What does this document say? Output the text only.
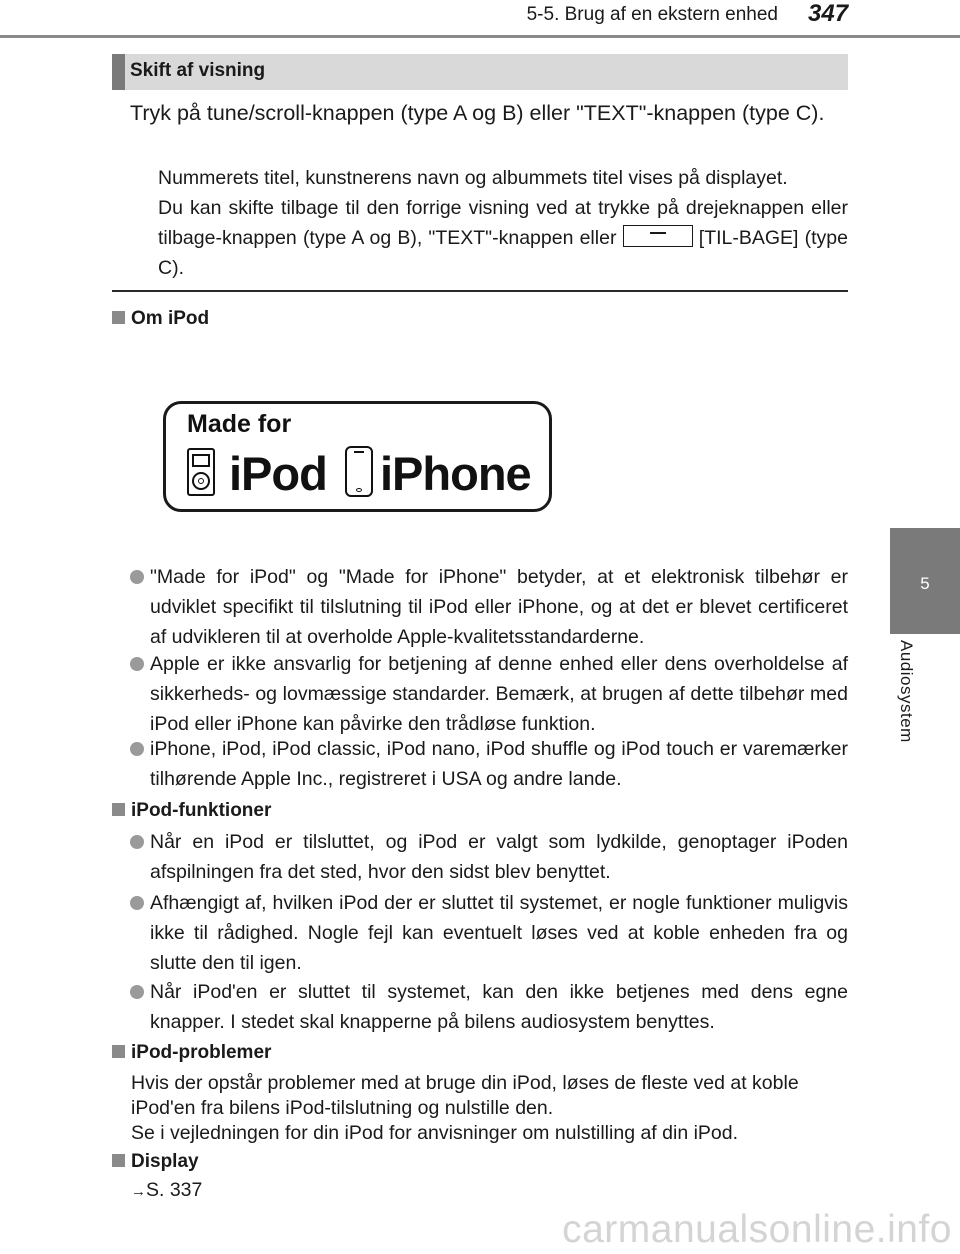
5-5. Brug af en ekstern enhed 347
5
Audiosystem
Skift af visning
Tryk på tune/scroll-knappen (type A og B) eller "TEXT"-knappen (type C).
Nummerets titel, kunstnerens navn og albummets titel vises på displayet.
Du kan skifte tilbage til den forrige visning ved at trykke på drejeknappen eller tilbage-knappen (type A og B), "TEXT"-knappen eller	[TIL-BAGE] (type C).
Om iPod
Made for
iPod iPhone
"Made for iPod" og "Made for iPhone" betyder, at et elektronisk tilbehør er udviklet specifikt til tilslutning til iPod eller iPhone, og at det er blevet certificeret af udvikleren til at overholde Apple-kvalitetsstandarderne.
Apple er ikke ansvarlig for betjening af denne enhed eller dens overholdelse af sikkerheds- og lovmæssige standarder. Bemærk, at brugen af dette tilbehør med iPod eller iPhone kan påvirke den trådløse funktion.
iPhone, iPod, iPod classic, iPod nano, iPod shuffle og iPod touch er varemærker tilhørende Apple Inc., registreret i USA og andre lande.
iPod-funktioner
Når en iPod er tilsluttet, og iPod er valgt som lydkilde, genoptager iPoden afspilningen fra det sted, hvor den sidst blev benyttet.
Afhængigt af, hvilken iPod der er sluttet til systemet, er nogle funktioner muligvis ikke til rådighed. Nogle fejl kan eventuelt løses ved at koble enheden fra og slutte den til igen.
Når iPod'en er sluttet til systemet, kan den ikke betjenes med dens egne knapper. I stedet skal knapperne på bilens audiosystem benyttes.
iPod-problemer
Hvis der opstår problemer med at bruge din iPod, løses de fleste ved at koble
iPod'en fra bilens iPod-tilslutning og nulstille den.
Se i vejledningen for din iPod for anvisninger om nulstilling af din iPod.
Display
→S. 337
carmanualsonline.info
